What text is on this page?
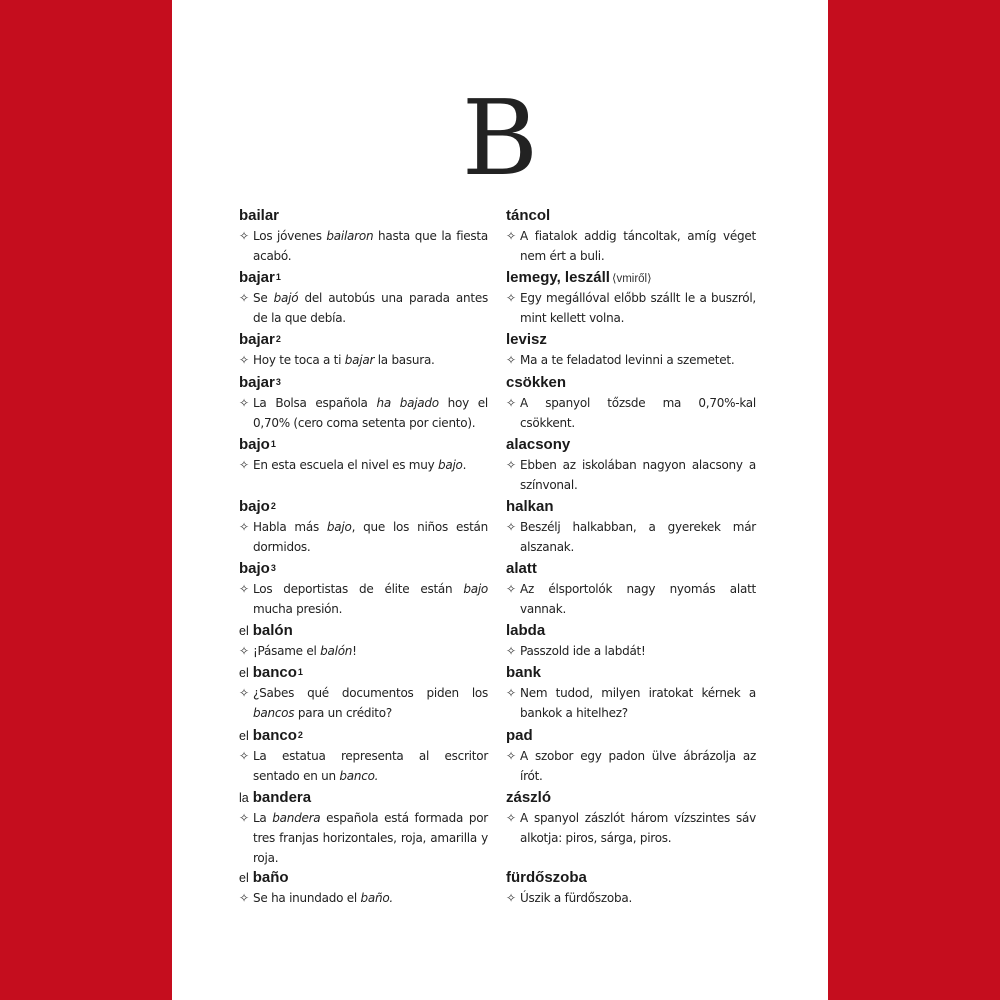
B
bailar
✧ Los jóvenes bailaron hasta que la fiesta acabó.
táncol
✧ A fiatalok addig táncoltak, amíg véget nem ért a buli.
bajar$^1$
✧ Se bajó del autobús una parada antes de la que debía.
lemegy, leszáll ⟨vmiről⟩
✧ Egy megállóval előbb szállt le a buszról, mint kellett volna.
bajar$^2$
✧ Hoy te toca a ti bajar la basura.
levisz
✧ Ma a te feladatod levinni a szemetet.
bajar$^3$
✧ La Bolsa española ha bajado hoy el 0,70% (cero coma setenta por ciento).
csökken
✧ A spanyol tőzsde ma 0,70%-kal csökkent.
bajo$^1$
✧ En esta escuela el nivel es muy bajo.
alacsony
✧ Ebben az iskolában nagyon alacsony a színvonal.
bajo$^2$
✧ Habla más bajo, que los niños están dormidos.
halkan
✧ Beszélj halkabban, a gyerekek már alszanak.
bajo$^3$
✧ Los deportistas de élite están bajo mucha presión.
alatt
✧ Az élsportolók nagy nyomás alatt vannak.
el balón
✧ ¡Pásame el balón!
labda
✧ Passzold ide a labdát!
el banco$^1$
✧ ¿Sabes qué documentos piden los bancos para un crédito?
bank
✧ Nem tudod, milyen iratokat kérnek a bankok a hitelhez?
el banco$^2$
✧ La estatua representa al escritor sentado en un banco.
pad
✧ A szobor egy padon ülve ábrázolja az írót.
la bandera
✧ La bandera española está formada por tres franjas horizontales, roja, amarilla y roja.
zászló
✧ A spanyol zászlót három vízszintes sáv alkotja: piros, sárga, piros.
el baño
✧ Se ha inundado el baño.
fürdőszoba
✧ Úszik a fürdőszoba.
